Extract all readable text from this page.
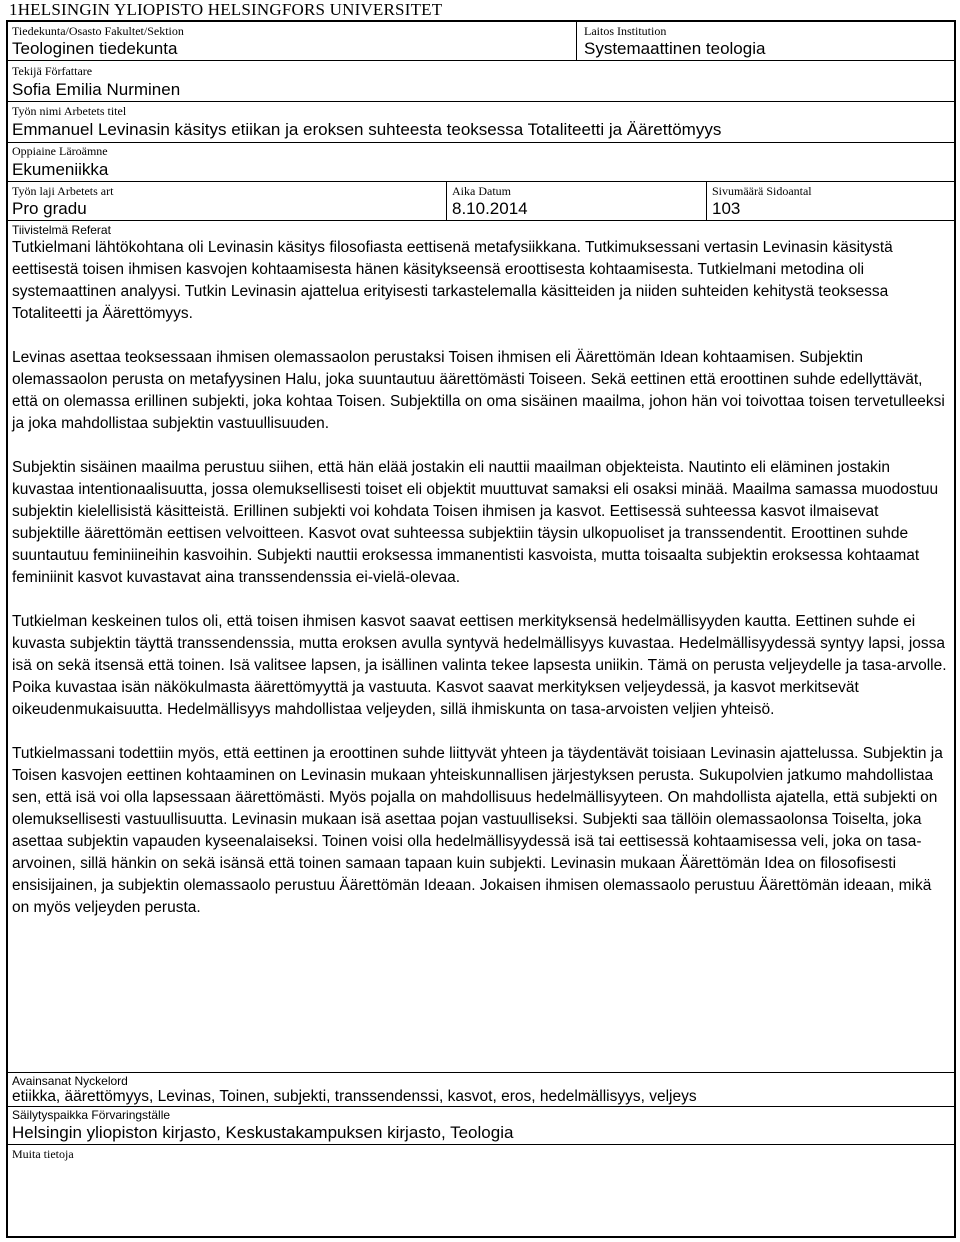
1HELSINGIN YLIOPISTO HELSINGFORS UNIVERSITET
Tiedekunta/Osasto Fakultet/Sektion
Teologinen tiedekunta
Laitos Institution
Systemaattinen teologia
Tekijä Författare
Sofia Emilia Nurminen
Työn nimi Arbetets titel
Emmanuel Levinasin käsitys etiikan ja eroksen suhteesta teoksessa Totaliteetti ja Äärettömyys
Oppiaine Läroämne
Ekumeniikka
Työn laji Arbetets art
Pro gradu
Aika Datum
8.10.2014
Sivumäärä Sidoantal
103
Tiivistelmä Referat

Tutkielmani lähtökohtana oli Levinasin käsitys filosofiasta eettisenä metafysiikkana. Tutkimuksessani vertasin Levinasin käsitystä eettisestä toisen ihmisen kasvojen kohtaamisesta hänen käsitykseensä eroottisesta kohtaamisesta. Tutkielmani metodina oli systemaattinen analyysi. Tutkin Levinasin ajattelua erityisesti tarkastelemalla käsitteiden ja niiden suhteiden kehitystä teoksessa Totaliteetti ja Äärettömyys.

Levinas asettaa teoksessaan ihmisen olemassaolon perustaksi Toisen ihmisen eli Äärettömän Idean kohtaamisen. Subjektin olemassaolon perusta on metafyysinen Halu, joka suuntautuu äärettömästi Toiseen. Sekä eettinen että eroottinen suhde edellyttävät, että on olemassa erillinen subjekti, joka kohtaa Toisen. Subjektilla on oma sisäinen maailma, johon hän voi toivottaa toisen tervetulleeksi ja joka mahdollistaa subjektin vastuullisuuden.

Subjektin sisäinen maailma perustuu siihen, että hän elää jostakin eli nauttii maailman objekteista. Nautinto eli eläminen jostakin kuvastaa intentionaalisuutta, jossa olemuksellisesti toiset eli objektit muuttuvat samaksi eli osaksi minää. Maailma samassa muodostuu subjektin kielellisistä käsitteistä. Erillinen subjekti voi kohdata Toisen ihmisen ja kasvot. Eettisessä suhteessa kasvot ilmaisevat subjektille äärettömän eettisen velvoitteen. Kasvot ovat suhteessa subjektiin täysin ulkopuoliset ja transsendentit. Eroottinen suhde suuntautuu feminiineihin kasvoihin. Subjekti nauttii eroksessa immanentisti kasvoista, mutta toisaalta subjektin eroksessa kohtaamat feminiinit kasvot kuvastavat aina transsendenssia ei-vielä-olevaa.

Tutkielman keskeinen tulos oli, että toisen ihmisen kasvot saavat eettisen merkityksensä hedelmällisyyden kautta. Eettinen suhde ei kuvasta subjektin täyttä transsendenssia, mutta eroksen avulla syntyvä hedelmällisyys kuvastaa. Hedelmällisyydessä syntyy lapsi, jossa isä on sekä itsensä että toinen. Isä valitsee lapsen, ja isällinen valinta tekee lapsesta uniikin. Tämä on perusta veljeydelle ja tasa-arvolle. Poika kuvastaa isän näkökulmasta äärettömyyttä ja vastuuta. Kasvot saavat merkityksen veljeydessä, ja kasvot merkitsevät oikeudenmukaisuutta. Hedelmällisyys mahdollistaa veljeyden, sillä ihmiskunta on tasa-arvoisten veljien yhteisö.

Tutkielmassani todettiin myös, että eettinen ja eroottinen suhde liittyvät yhteen ja täydentävät toisiaan Levinasin ajattelussa. Subjektin ja Toisen kasvojen eettinen kohtaaminen on Levinasin mukaan yhteiskunnallisen järjestyksen perusta. Sukupolvien jatkumo mahdollistaa sen, että isä voi olla lapsessaan äärettömästi. Myös pojalla on mahdollisuus hedelmällisyyteen. On mahdollista ajatella, että subjekti on olemuksellisesti vastuullisuutta. Levinasin mukaan isä asettaa pojan vastuulliseksi. Subjekti saa tällöin olemassaolonsa Toiselta, joka asettaa subjektin vapauden kyseenalaiseksi. Toinen voisi olla hedelmällisyydessä isä tai eettisessä kohtaamisessa veli, joka on tasa-arvoinen, sillä hänkin on sekä isänsä että toinen samaan tapaan kuin subjekti. Levinasin mukaan Äärettömän Idea on filosofisesti ensisijainen, ja subjektin olemassaolo perustuu Äärettömän Ideaan. Jokaisen ihmisen olemassaolo perustuu Äärettömän ideaan, mikä on myös veljeyden perusta.

Avainsanat Nyckelord
etiikka, äärettömyys, Levinas, Toinen, subjekti, transsendenssi, kasvot, eros, hedelmällisyys, veljeys
Säilytyspaikka Förvaringställe
Helsingin yliopiston kirjasto, Keskustakampuksen kirjasto, Teologia
Muita tietoja
